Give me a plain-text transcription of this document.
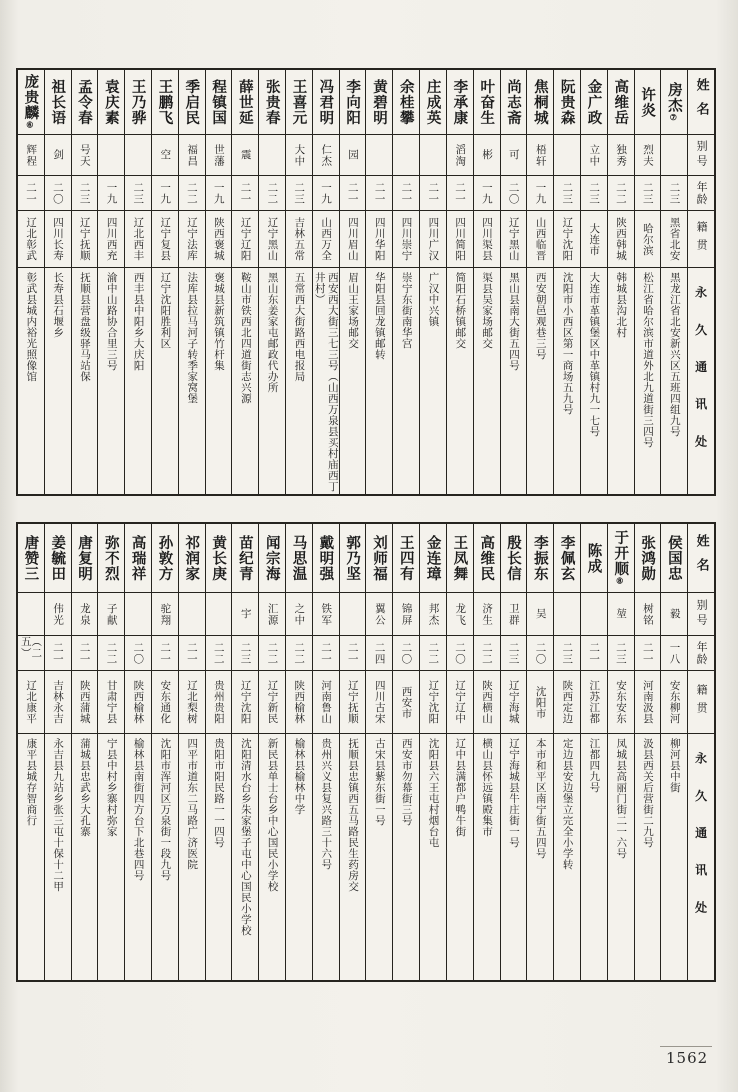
姓名
别号
年龄
籍贯
永久通讯处
房杰⑦
二三
黑省北安
黑龙江省北安新兴区五班四组九号
许炎
烈夫
二三
哈尔滨
松江省哈尔滨市道外北九道街三四号
高维岳
独秀
二二
陕西韩城
韩城县沟北村
金广政
立中
二三
大连市
大连市革镇堡区中革镇村九一七号
阮贵森
二三
辽宁沈阳
沈阳市小西区第一商场五九号
焦桐城
梧轩
一九
山西临晋
西安朝邑观巷三号
尚志斋
可
二〇
辽宁黑山
黑山县南大街五四号
叶奋生
彬
一九
四川渠县
渠县吴家场邮交
李承康
滔淘
二一
四川简阳
简阳石桥镇邮交
庄成英
二一
四川广汉
广汉中兴镇
余桂攀
二一
四川崇宁
崇宁东街南华宫
黄碧明
二一
四川华阳
华阳县回龙镇邮转
李向阳
园
二一
四川眉山
眉山王家场邮交
冯君明
仁杰
一九
山西万全
西安西大街三七三号（山西万泉县买村庙西丁井村）
王喜元
大中
二三
吉林五常
五常西大街路西电报局
张贵春
二二
辽宁黑山
黑山东姜家屯邮政代办所
薛世延
震
二一
辽宁辽阳
鞍山市铁西北四道街志兴源
程镇国
世藩
一九
陕西褒城
褒城县新筑镇竹杆集
季启民
福昌
二二
辽宁法库
法库县拉马河子转季家窝堡
王鹏飞
空
一九
辽宁复县
辽宁沈阳胜利区
王乃骅
二三
辽北西丰
西丰县中阳乡大庆阳
袁庆素
一九
四川西充
渝中山路协合里三号
孟令春
号天
二三
辽宁抚顺
抚顺县营盘级驿马站保
祖长语
剑
二〇
四川长寿
长寿县石堰乡
庞贵麟⑥
辉程
二一
辽北彰武
彰武县城内裕光照像馆
姓名
别号
年龄
籍贯
永久通讯处
侯国忠
毅
一八
安东柳河
柳河县中街
张鸿勋
树铭
二一
河南汲县
汲县西关后营街二九号
于开顺⑧
堃
二三
安东安东
凤城县高丽门街二一六号
陈成
二一
江苏江都
江都四九号
李佩玄
二三
陕西定边
定边县安边堡立完全小学转
李振东
吴
二〇
沈阳市
本市和平区南宁街五四号
殷长信
卫群
二三
辽宁海城
辽宁海城县牛庄街一号
高维民
济生
二二
陕西横山
横山县怀远镇殿集市
王凤舞
龙飞
二〇
辽宁辽中
辽中县满都户鸭牛街
金连璋
邦杰
二二
辽宁沈阳
沈阳县六王屯村烟台屯
王四有
锦屏
二〇
西安市
西安市勿幕街三号
刘师福
翼公
二四
四川古宋
古宋县紫东街一号
郭乃坚
二一
辽宁抚顺
抚顺县忠镇西五马路民生药房交
戴明强
铁军
二一
河南鲁山
贵州兴义县复兴路三十六号
马思温
之中
二二
陕西榆林
榆林县榆林中学
闻宗海
汇源
二二
辽宁新民
新民县单士台乡中心国民小学校
苗纪青
宇
二三
辽宁沈阳
沈阳清水台乡朱家堡子屯中心国民小学校
黄长庚
二二
贵州贵阳
贵阳市阳民路一一四号
祁润家
二一
辽北梨树
四平市道东二马路广济医院
孙敦方
驼翔
二一
安东通化
沈阳市浑河区万泉街一段九号
高瑞祥
二〇
陕西榆林
榆林县南街四方台下北巷四号
弥不烈
子献
二二
甘肃宁县
宁县中村乡寨村弥家
唐复明
龙泉
二一
陕西蒲城
蒲城县忠武乡大孔寨
姜毓田
伟光
二一
吉林永吉
永吉县九站乡张三屯十保十二甲
唐赞三
（二五）
辽北康平
康平县城存智商行
1562
